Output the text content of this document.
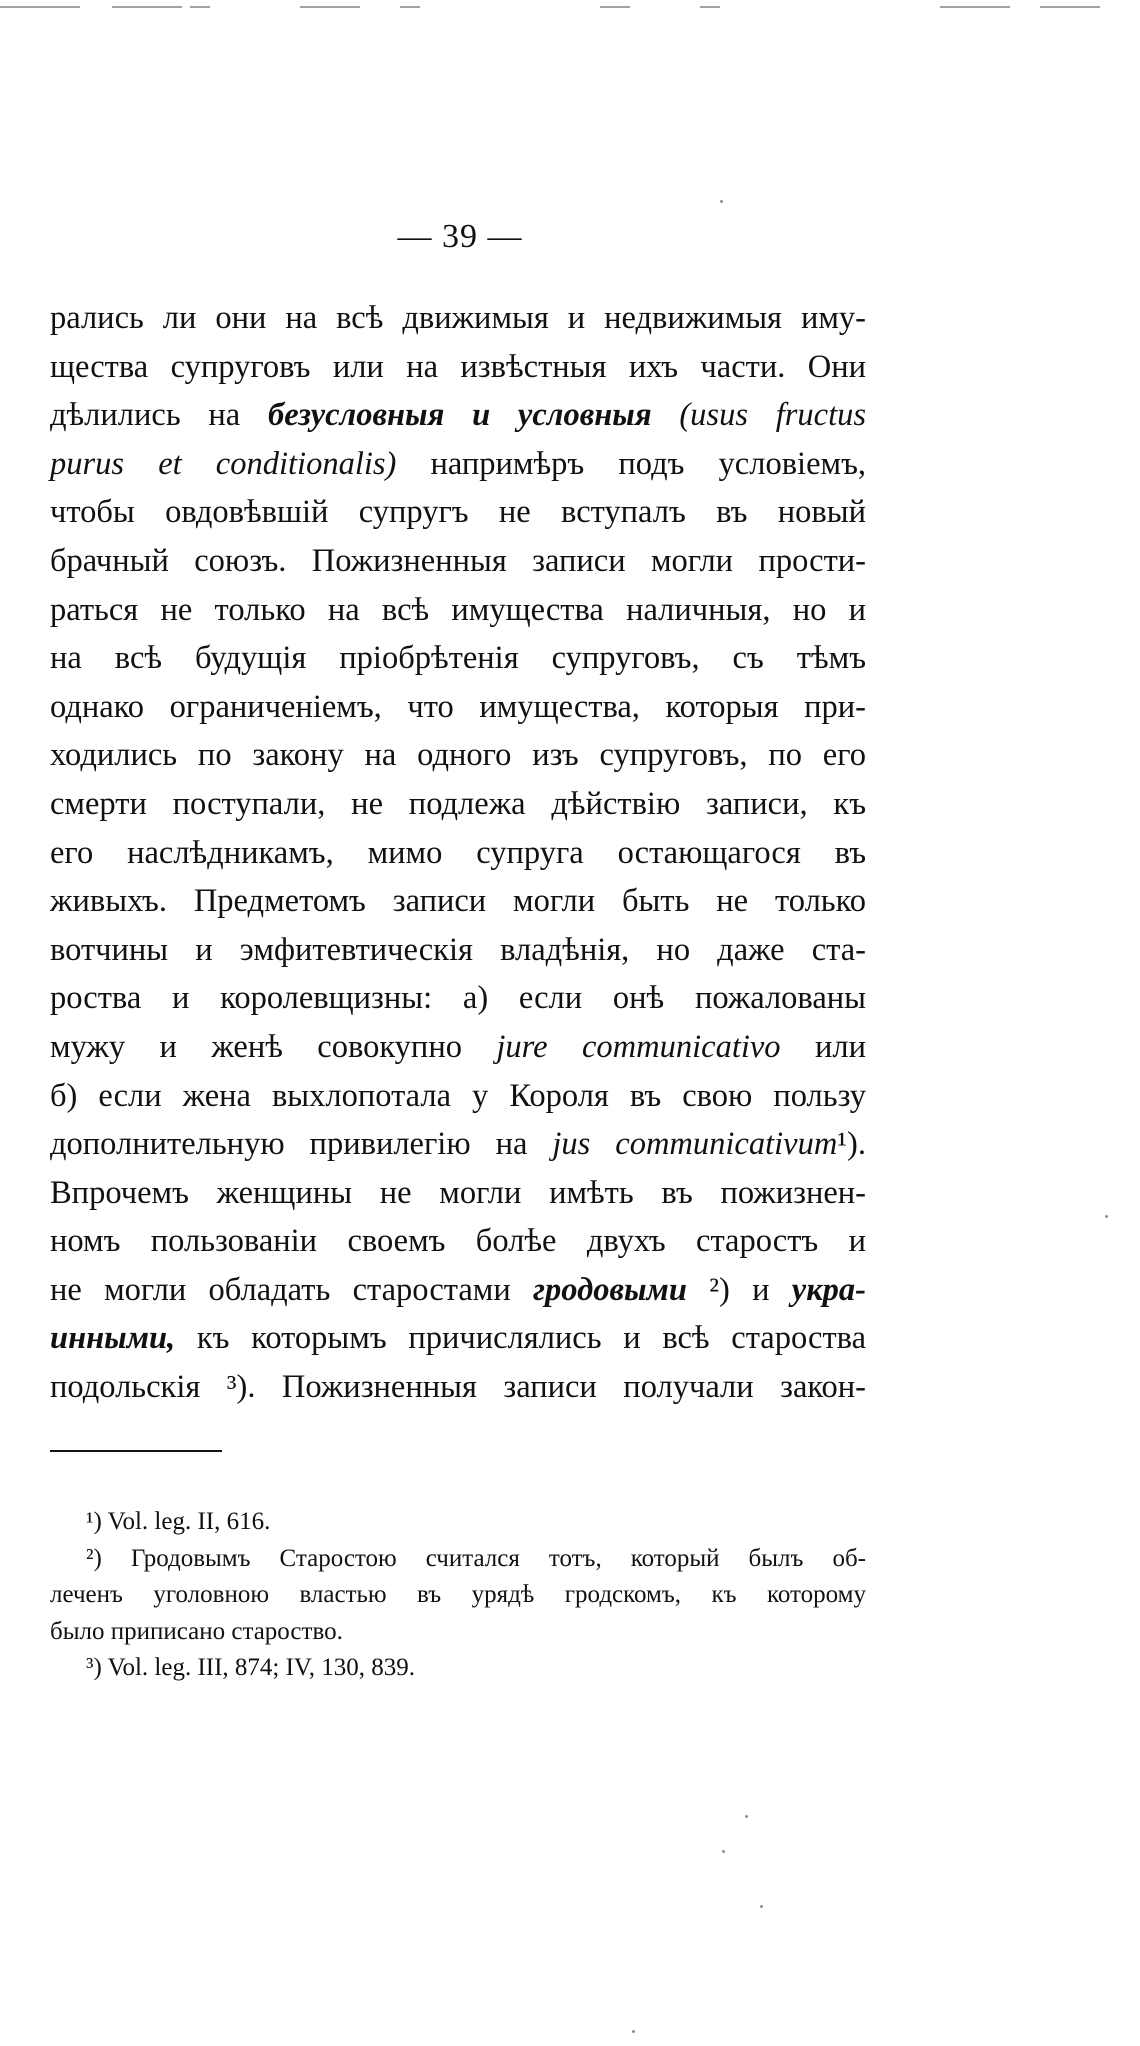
— 39 —
рались ли они на всѣ движимыя и недвижимыя иму-
щества супруговъ или на извѣстныя ихъ части. Они
дѣлились на безусловныя и условныя (usus fructus
purus et conditionalis) напримѣръ подъ условіемъ,
чтобы овдовѣвшій супругъ не вступалъ въ новый
брачный союзъ. Пожизненныя записи могли прости-
раться не только на всѣ имущества наличныя, но и
на всѣ будущія пріобрѣтенія супруговъ, съ тѣмъ
однако ограниченіемъ, что имущества, которыя при-
ходились по закону на одного изъ супруговъ, по его
смерти поступали, не подлежа дѣйствію записи, къ
его наслѣдникамъ, мимо супруга остающагося въ
живыхъ. Предметомъ записи могли быть не только
вотчины и эмфитевтическія владѣнія, но даже ста-
роства и королевщизны: а) если онѣ пожалованы
мужу и женѣ совокупно jure communicativo или
б) если жена выхлопотала у Короля въ свою пользу
дополнительную привилегію на jus communicativum¹).
Впрочемъ женщины не могли имѣть въ пожизнен-
номъ пользованіи своемъ болѣе двухъ старостъ и
не могли обладать старостами гродовыми ²) и укра-
инными, къ которымъ причислялись и всѣ староства
подольскія ³). Пожизненныя записи получали закон-
¹) Vol. leg. II, 616.
²) Гродовымъ Старостою считался тотъ, который былъ об-
леченъ уголовною властью въ урядѣ гродскомъ, къ которому
было приписано староство.
³) Vol. leg. III, 874; IV, 130, 839.
